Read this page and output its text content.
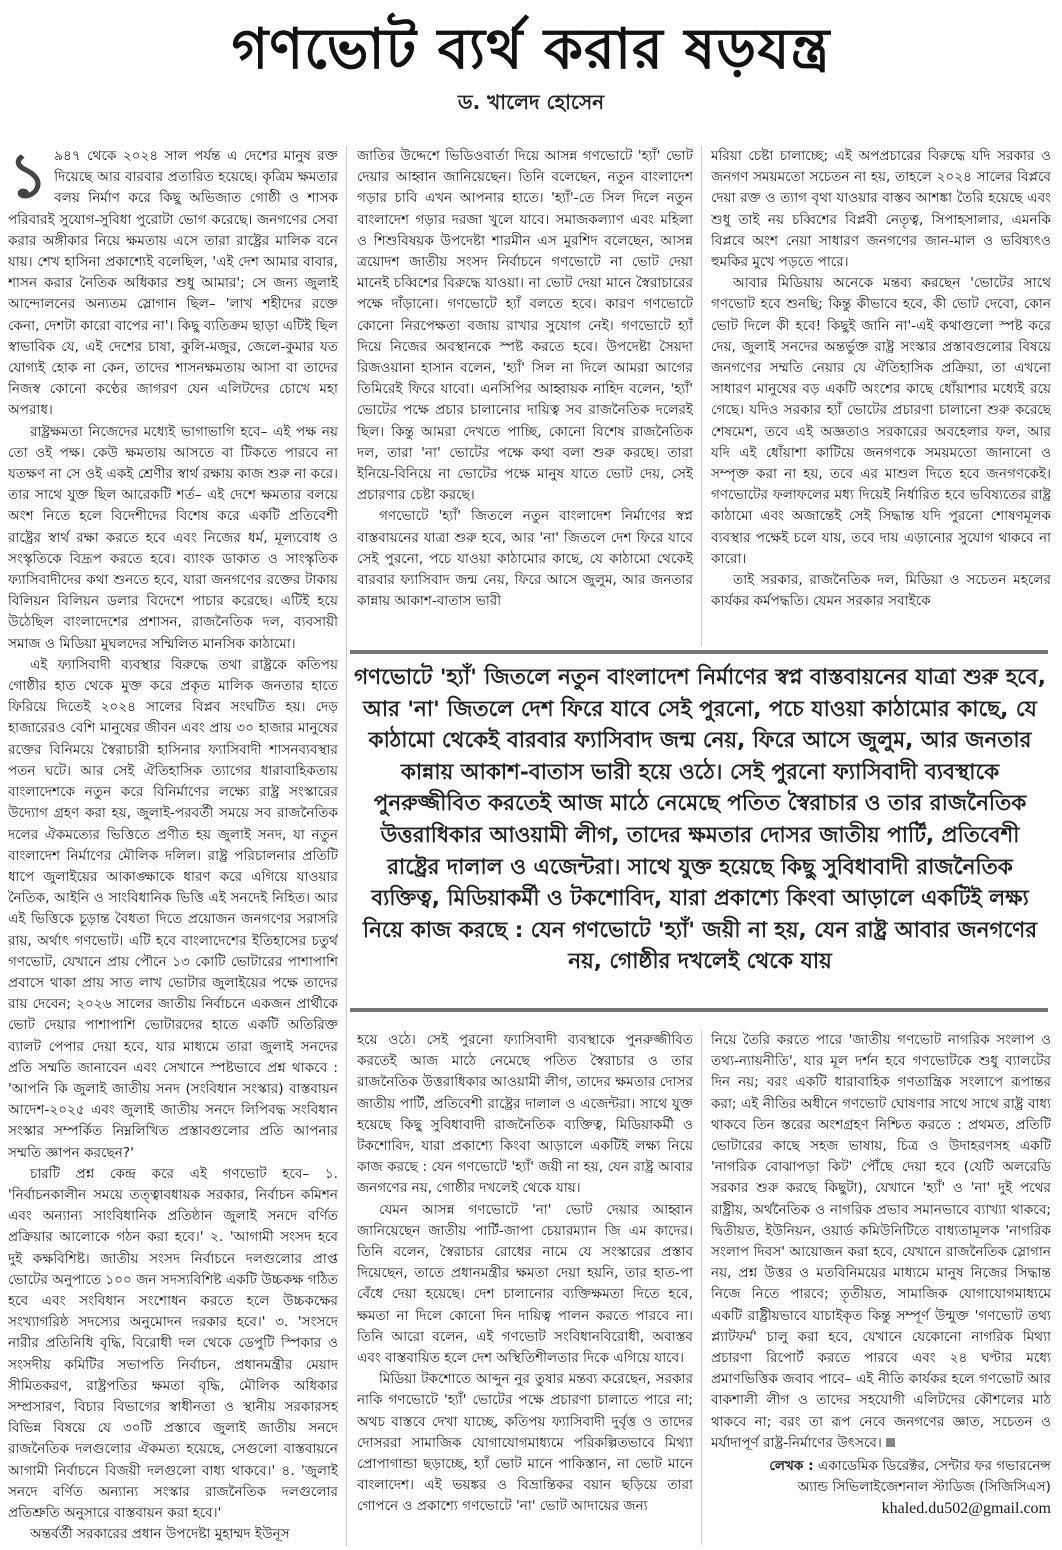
গণভোট ব্যর্থ করার ষড়যন্ত্র
ড. খালেদ হোসেন

১ ৯৪৭ থেকে ২০২৪ সাল পর্যন্ত এ দেশের মানুষ রক্ত দিয়েছে আর বারবার প্রতারিত হয়েছে। কৃত্রিম ক্ষমতার বলয় নির্মাণ করে কিছু অভিজাত গোষ্ঠী ও শাসক পরিবারই সুযোগ-সুবিধা পুরোটা ভোগ করেছে। জনগণের সেবা করার অঙ্গীকার নিয়ে ক্ষমতায় এসে তারা রাষ্ট্রের মালিক বনে যায়। শেখ হাসিনা প্রকাশ্যেই বলেছিল, 'এই দেশ আমার বাবার, শাসন করার নৈতিক অধিকার শুধু আমার'; সে জন্য জুলাই আন্দোলনের অন্যতম স্লোগান ছিল– 'লাখ শহীদের রক্তে কেনা, দেশটা কারো বাপের না'। কিছু ব্যতিক্রম ছাড়া এটিই ছিল স্বাভাবিক যে, এই দেশের চাষা, কুলি-মজুর, জেলে-কুমার যত যোগ্যই হোক না কেন, তাদের শাসনক্ষমতায় আসা বা তাদের নিজস্ব কোনো কণ্ঠের জাগরণ যেন এলিটদের চোখে মহা অপরাধ।

রাষ্ট্রক্ষমতা নিজেদের মধ্যেই ভাগাভাগি হবে– এই পক্ষ নয় তো ওই পক্ষ। কেউ ক্ষমতায় আসতে বা টিকতে পারবে না যতক্ষণ না সে ওই একই শ্রেণীর স্বার্থ রক্ষায় কাজ শুরু না করে। তার সাথে যুক্ত ছিল আরেকটি শর্ত– এই দেশে ক্ষমতার বলয়ে অংশ নিতে হলে বিদেশীদের বিশেষ করে একটি প্রতিবেশী রাষ্ট্রের স্বার্থ রক্ষা করতে হবে এবং নিজের ধর্ম, মূল্যবোধ ও সংস্কৃতিকে বিদ্রূপ করতে হবে। ব্যাংক ডাকাত ও সাংস্কৃতিক ফ্যাসিবাদীদের কথা শুনতে হবে, যারা জনগণের রক্তের টাকায় বিলিয়ন বিলিয়ন ডলার বিদেশে পাচার করেছে। এটিই হয়ে উঠেছিল বাংলাদেশের প্রশাসন, রাজনৈতিক দল, ব্যবসায়ী সমাজ ও মিডিয়া মুঘলদের সম্মিলিত মানসিক কাঠামো।

এই ফ্যাসিবাদী ব্যবস্থার বিরুদ্ধে তথা রাষ্ট্রকে কতিপয় গোষ্ঠীর হাত থেকে মুক্ত করে প্রকৃত মালিক জনতার হাতে ফিরিয়ে দিতেই ২০২৪ সালের বিপ্লব সংঘটিত হয়। দেড় হাজারেরও বেশি মানুষের জীবন এবং প্রায় ৩০ হাজার মানুষের রক্তের বিনিময়ে স্বৈরাচারী হাসিনার ফ্যাসিবাদী শাসনব্যবস্থার পতন ঘটে। আর সেই ঐতিহাসিক ত্যাগের ধারাবাহিকতায় বাংলাদেশকে নতুন করে বিনির্মাণের লক্ষ্যে রাষ্ট্র সংস্কারের উদ্যোগ গ্রহণ করা হয়, জুলাই-পরবর্তী সময়ে সব রাজনৈতিক দলের ঐকমত্যের ভিত্তিতে প্রণীত হয় জুলাই সনদ, যা নতুন বাংলাদেশ নির্মাণের মৌলিক দলিল। রাষ্ট্র পরিচালনার প্রতিটি ধাপে জুলাইয়ের আকাঙ্ক্ষাকে ধারণ করে এগিয়ে যাওয়ার নৈতিক, আইনি ও সাংবিধানিক ভিত্তি এই সনদেই নিহিত। আর এই ভিত্তিকে চূড়ান্ত বৈধতা দিতে প্রয়োজন জনগণের সরাসরি রায়, অর্থাৎ গণভোট। এটি হবে বাংলাদেশের ইতিহাসের চতুর্থ গণভোট, যেখানে প্রায় পৌনে ১৩ কোটি ভোটারের পাশাপাশি প্রবাসে থাকা প্রায় সাত লাখ ভোটার জুলাইয়ের পক্ষে তাদের রায় দেবেন; ২০২৬ সালের জাতীয় নির্বাচনে একজন প্রার্থীকে ভোট দেয়ার পাশাপাশি ভোটারদের হাতে একটি অতিরিক্ত ব্যালট পেপার দেয়া হবে, যার মাধ্যমে তারা জুলাই সনদের প্রতি সম্মতি জানাবেন এবং সেখানে স্পষ্টভাবে প্রশ্ন থাকবে : 'আপনি কি জুলাই জাতীয় সনদ (সংবিধান সংস্কার) বাস্তবায়ন আদেশ-২০২৫ এবং জুলাই জাতীয় সনদে লিপিবদ্ধ সংবিধান সংস্কার সম্পর্কিত নিম্নলিখিত প্রস্তাবগুলোর প্রতি আপনার সম্মতি জ্ঞাপন করছেন?'

চারটি প্রশ্ন কেন্দ্র করে এই গণভোট হবে– ১. 'নির্বাচনকালীন সময়ে তত্ত্বাবধায়ক সরকার, নির্বাচন কমিশন এবং অন্যান্য সাংবিধানিক প্রতিষ্ঠান জুলাই সনদে বর্ণিত প্রক্রিয়ার আলোকে গঠন করা হবে।' ২. 'আগামী সংসদ হবে দুই কক্ষবিশিষ্ট। জাতীয় সংসদ নির্বাচনে দলগুলোর প্রাপ্ত ভোটের অনুপাতে ১০০ জন সদস্যবিশিষ্ট একটি উচ্চকক্ষ গঠিত হবে এবং সংবিধান সংশোধন করতে হলে উচ্চকক্ষের সংখ্যাগরিষ্ঠ সদস্যের অনুমোদন দরকার হবে।' ৩. 'সংসদে নারীর প্রতিনিধি বৃদ্ধি, বিরোধী দল থেকে ডেপুটি স্পিকার ও সংসদীয় কমিটির সভাপতি নির্বাচন, প্রধানমন্ত্রীর মেয়াদ সীমিতকরণ, রাষ্ট্রপতির ক্ষমতা বৃদ্ধি, মৌলিক অধিকার সম্প্রসারণ, বিচার বিভাগের স্বাধীনতা ও স্থানীয় সরকারসহ বিভিন্ন বিষয়ে যে ৩০টি প্রস্তাবে জুলাই জাতীয় সনদে রাজনৈতিক দলগুলোর ঐকমত্য হয়েছে, সেগুলো বাস্তবায়নে আগামী নির্বাচনে বিজয়ী দলগুলো বাধ্য থাকবে।' ৪. 'জুলাই সনদে বর্ণিত অন্যান্য সংস্কার রাজনৈতিক দলগুলোর প্রতিশ্রুতি অনুসারে বাস্তবায়ন করা হবে।'

অন্তর্বর্তী সরকারের প্রধান উপদেষ্টা মুহাম্মদ ইউনূস

জাতির উদ্দেশে ভিডিওবার্তা দিয়ে আসন্ন গণভোটে 'হ্যাঁ' ভোট দেয়ার আহ্বান জানিয়েছেন। তিনি বলেছেন, নতুন বাংলাদেশ গড়ার চাবি এখন আপনার হাতে। 'হ্যাঁ'-তে সিল দিলে নতুন বাংলাদেশ গড়ার দরজা খুলে যাবে। সমাজকল্যাণ এবং মহিলা ও শিশুবিষয়ক উপদেষ্টা শারমীন এস মুরশিদ বলেছেন, আসন্ন ত্রয়োদশ জাতীয় সংসদ নির্বাচনে গণভোটে না ভোট দেয়া মানেই চব্বিশের বিরুদ্ধে যাওয়া। না ভোট দেয়া মানে স্বৈরাচারের পক্ষে দাঁড়ানো। গণভোটে হ্যাঁ বলতে হবে। কারণ গণভোটে কোনো নিরপেক্ষতা বজায় রাখার সুযোগ নেই। গণভোটে হ্যাঁ দিয়ে নিজের অবস্থানকে স্পষ্ট করতে হবে। উপদেষ্টা সৈয়দা রিজওয়ানা হাসান বলেন, 'হ্যাঁ' সিল না দিলে আমরা আগের তিমিরেই ফিরে যাবো। এনসিপির আহ্বায়ক নাহিদ বলেন, 'হ্যাঁ' ভোটের পক্ষে প্রচার চালানোর দায়িত্ব সব রাজনৈতিক দলেরই ছিল। কিন্তু আমরা দেখতে পাচ্ছি, কোনো বিশেষ রাজনৈতিক দল, তারা 'না' ভোটের পক্ষে কথা বলা শুরু করছে। তারা ইনিয়ে-বিনিয়ে না ভোটের পক্ষে মানুষ যাতে ভোট দেয়, সেই প্রচারণার চেষ্টা করছে।

গণভোটে 'হ্যাঁ' জিতলে নতুন বাংলাদেশ নির্মাণের স্বপ্ন বাস্তবায়নের যাত্রা শুরু হবে, আর 'না' জিতলে দেশ ফিরে যাবে সেই পুরনো, পচে যাওয়া কাঠামোর কাছে, যে কাঠামো থেকেই বারবার ফ্যাসিবাদ জন্ম নেয়, ফিরে আসে জুলুম, আর জনতার কান্নায় আকাশ-বাতাস ভারী

মরিয়া চেষ্টা চালাচ্ছে; এই অপপ্রচারের বিরুদ্ধে যদি সরকার ও জনগণ সময়মতো সচেতন না হয়, তাহলে ২০২৪ সালের বিপ্লবে দেয়া রক্ত ও ত্যাগ বৃথা যাওয়ার বাস্তব আশঙ্কা তৈরি হয়েছে এবং শুধু তাই নয় চব্বিশের বিপ্লবী নেতৃত্ব, সিপাহসালার, এমনকি বিপ্লবে অংশ নেয়া সাধারণ জনগণের জান-মাল ও ভবিষ্যৎও হুমকির মুখে পড়তে পারে।

আবার মিডিয়ায় অনেকে মন্তব্য করছেন 'ভোটের সাথে গণভোট হবে শুনছি; কিন্তু কীভাবে হবে, কী ভোট দেবো, কোন ভোট দিলে কী হবে! কিছুই জানি না'-এই কথাগুলো স্পষ্ট করে দেয়, জুলাই সনদের অন্তর্ভুক্ত রাষ্ট্র সংস্কার প্রস্তাবগুলোর বিষয়ে জনগণের সম্মতি নেয়ার যে ঐতিহাসিক প্রক্রিয়া, তা এখনো সাধারণ মানুষের বড় একটি অংশের কাছে ধোঁয়াশার মধ্যেই রয়ে গেছে। যদিও সরকার হ্যাঁ ভোটের প্রচারণা চালানো শুরু করেছে শেষমেশ, তবে এই অজ্ঞতাও সরকারের অবহেলার ফল, আর যদি এই ধোঁয়াশা কাটিয়ে জনগণকে সময়মতো জানানো ও সম্পৃক্ত করা না হয়, তবে এর মাশুল দিতে হবে জনগণকেই। গণভোটের ফলাফলের মধ্য দিয়েই নির্ধারিত হবে ভবিষ্যতের রাষ্ট্র কাঠামো এবং অজান্তেই সেই সিদ্ধান্ত যদি পুরনো শোষণমূলক ব্যবস্থার পক্ষেই চলে যায়, তবে দায় এড়ানোর সুযোগ থাকবে না কারো।

তাই সরকার, রাজনৈতিক দল, মিডিয়া ও সচেতন মহলের কার্যকর কর্মপদ্ধতি। যেমন সরকার সবাইকে

গণভোটে 'হ্যাঁ' জিতলে নতুন বাংলাদেশ নির্মাণের স্বপ্ন বাস্তবায়নের যাত্রা শুরু হবে, আর 'না' জিতলে দেশ ফিরে যাবে সেই পুরনো, পচে যাওয়া কাঠামোর কাছে, যে কাঠামো থেকেই বারবার ফ্যাসিবাদ জন্ম নেয়, ফিরে আসে জুলুম, আর জনতার কান্নায় আকাশ-বাতাস ভারী হয়ে ওঠে। সেই পুরনো ফ্যাসিবাদী ব্যবস্থাকে পুনরুজ্জীবিত করতেই আজ মাঠে নেমেছে পতিত স্বৈরাচার ও তার রাজনৈতিক উত্তরাধিকার আওয়ামী লীগ, তাদের ক্ষমতার দোসর জাতীয় পার্টি, প্রতিবেশী রাষ্ট্রের দালাল ও এজেন্টরা। সাথে যুক্ত হয়েছে কিছু সুবিধাবাদী রাজনৈতিক ব্যক্তিত্ব, মিডিয়াকর্মী ও টকশোবিদ, যারা প্রকাশ্যে কিংবা আড়ালে একটিই লক্ষ্য নিয়ে কাজ করছে : যেন গণভোটে 'হ্যাঁ' জয়ী না হয়, যেন রাষ্ট্র আবার জনগণের নয়, গোষ্ঠীর দখলেই থেকে যায়

হয়ে ওঠে। সেই পুরনো ফ্যাসিবাদী ব্যবস্থাকে পুনরুজ্জীবিত করতেই আজ মাঠে নেমেছে পতিত স্বৈরাচার ও তার রাজনৈতিক উত্তরাধিকার আওয়ামী লীগ, তাদের ক্ষমতার দোসর জাতীয় পার্টি, প্রতিবেশী রাষ্ট্রের দালাল ও এজেন্টরা। সাথে যুক্ত হয়েছে কিছু সুবিধাবাদী রাজনৈতিক ব্যক্তিত্ব, মিডিয়াকর্মী ও টকশোবিদ, যারা প্রকাশ্যে কিংবা আড়ালে একটিই লক্ষ্য নিয়ে কাজ করছে : যেন গণভোটে 'হ্যাঁ' জয়ী না হয়, যেন রাষ্ট্র আবার জনগণের নয়, গোষ্ঠীর দখলেই থেকে যায়।

যেমন আসন্ন গণভোটে 'না' ভোট দেয়ার আহ্বান জানিয়েছেন জাতীয় পার্টি-জাপা চেয়ারম্যান জি এম কাদের। তিনি বলেন, স্বৈরাচার রোধের নামে যে সংস্কারের প্রস্তাব দিয়েছেন, তাতে প্রধানমন্ত্রীর ক্ষমতা দেয়া হয়নি, তার হাত-পা বেঁধে দেয়া হয়েছে। দেশ চালানোর ব্যক্তিক্ষমতা দিতে হবে, ক্ষমতা না দিলে কোনো দিন দায়িত্ব পালন করতে পারবে না। তিনি আরো বলেন, এই গণভোট সংবিধানবিরোধী, অবাস্তব এবং বাস্তবায়িত হলে দেশ অস্থিতিশীলতার দিকে এগিয়ে যাবে।

মিডিয়া টকশোতে আব্দুন নুর তুষার মন্তব্য করেছেন, সরকার নাকি গণভোটে 'হ্যাঁ' ভোটের পক্ষে প্রচারণা চালাতে পারে না; অথচ বাস্তবে দেখা যাচ্ছে, কতিপয় ফ্যাসিবাদী দুর্বৃত্ত ও তাদের দোসররা সামাজিক যোগাযোগমাধ্যমে পরিকল্পিতভাবে মিথ্যা প্রোপাগান্ডা ছড়াচ্ছে, হ্যাঁ ভোট মানে পাকিস্তান, না ভোট মানে বাংলাদেশ। এই ভয়ঙ্কর ও বিভ্রান্তিকর বয়ান ছড়িয়ে তারা গোপনে ও প্রকাশ্যে গণভোটে 'না' ভোট আদায়ের জন্য

নিয়ে তৈরি করতে পারে 'জাতীয় গণভোট নাগরিক সংলাপ ও তথ্য-ন্যায়নীতি', যার মূল দর্শন হবে গণভোটকে শুধু ব্যালটের দিন নয়; বরং একটি ধারাবাহিক গণতান্ত্রিক সংলাপে রূপান্তর করা; এই নীতির অধীনে গণভোট ঘোষণার সাথে সাথে রাষ্ট্র বাধ্য থাকবে তিন স্তরের অংশগ্রহণ নিশ্চিত করতে : প্রথমত, প্রতিটি ভোটারের কাছে সহজ ভাষায়, চিত্র ও উদাহরণসহ একটি 'নাগরিক বোঝাপড়া কিট' পৌঁছে দেয়া হবে (যেটি অলরেডি সরকার শুরু করছে কিছুটা), যেখানে 'হ্যাঁ' ও 'না' দুই পথের রাষ্ট্রীয়, অর্থনৈতিক ও নাগরিক প্রভাব সমানভাবে ব্যাখ্যা থাকবে; দ্বিতীয়ত, ইউনিয়ন, ওয়ার্ড কমিউনিটিতে বাধ্যতামূলক 'নাগরিক সংলাপ দিবস' আয়োজন করা হবে, যেখানে রাজনৈতিক স্লোগান নয়, প্রশ্ন উত্তর ও মতবিনিময়ের মাধ্যমে মানুষ নিজের সিদ্ধান্ত নিজে নিতে পারবে; তৃতীয়ত, সামাজিক যোগাযোগমাধ্যমে একটি রাষ্ট্রীয়ভাবে যাচাইকৃত কিন্তু সম্পূর্ণ উন্মুক্ত 'গণভোট তথ্য প্ল্যাটফর্ম' চালু করা হবে, যেখানে যেকোনো নাগরিক মিথ্যা প্রচারণা রিপোর্ট করতে পারবে এবং ২৪ ঘণ্টার মধ্যে প্রমাণভিত্তিক জবাব পাবে– এই নীতি কার্যকর হলে গণভোট আর বাকশালী লীগ ও তাদের সহযোগী এলিটদের কৌশলের মাঠ থাকবে না; বরং তা রূপ নেবে জনগণের জ্ঞাত, সচেতন ও মর্যাদাপূর্ণ রাষ্ট্র-নির্মাণের উৎসবে।

লেখক : একাডেমিক ডিরেক্টর, সেন্টার ফর গভারনেন্স
অ্যান্ড সিভিলাইজেশনাল স্টাডিজ (সিজিসিএস)
khaled.du502@gmail.com
